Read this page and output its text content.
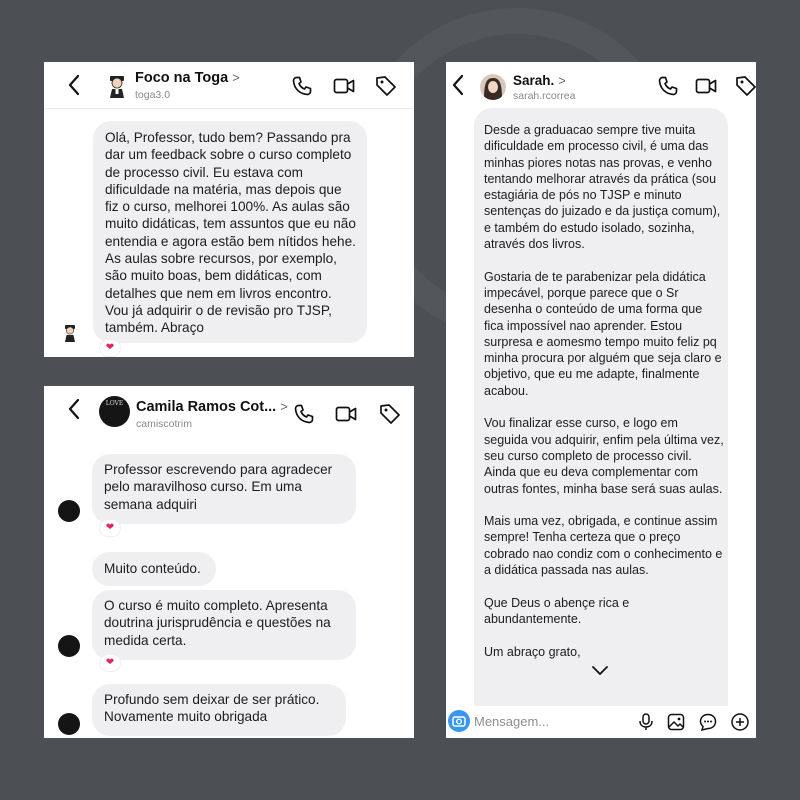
Foco na Toga >
toga3.0
Olá, Professor, tudo bem? Passando pra dar um feedback sobre o curso completo de processo civil. Eu estava com dificuldade na matéria, mas depois que fiz o curso, melhorei 100%. As aulas são muito didáticas, tem assuntos que eu não entendia e agora estão bem nítidos hehe. As aulas sobre recursos, por exemplo, são muito boas, bem didáticas, com detalhes que nem em livros encontro. Vou já adquirir o de revisão pro TJSP, também. Abraço
❤
LOVE Camila Ramos Cot... >
camiscotrim
Professor escrevendo para agradecer pelo maravilhoso curso. Em uma semana adquiri
❤
Muito conteúdo.
O curso é muito completo. Apresenta doutrina jurisprudência e questões na medida certa.
❤
Profundo sem deixar de ser prático. Novamente muito obrigada
Sarah. >
sarah.rcorrea

Desde a graduacao sempre tive muita dificuldade em processo civil, é uma das minhas piores notas nas provas, e venho tentando melhorar através da prática (sou estagiária de pós no TJSP e minuto sentenças do juizado e da justiça comum), e também do estudo isolado, sozinha, através dos livros.

Gostaria de te parabenizar pela didática impecável, porque parece que o Sr desenha o conteúdo de uma forma que fica impossível nao aprender. Estou surpresa e aomesmo tempo muito feliz pq minha procura por alguém que seja claro e objetivo, que eu me adapte, finalmente acabou.

Vou finalizar esse curso, e logo em seguida vou adquirir, enfim pela última vez, seu curso completo de processo civil. Ainda que eu deva complementar com outras fontes, minha base será suas aulas.

Mais uma vez, obrigada, e continue assim sempre! Tenha certeza que o preço cobrado nao condiz com o conhecimento e a didática passada nas aulas.

Que Deus o abençe rica e abundantemente.

Um abraço grato,

Mensagem...
